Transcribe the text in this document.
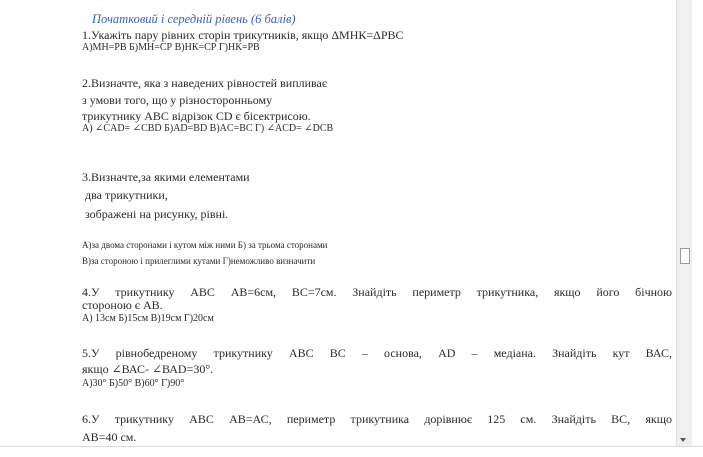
Початковий і середній рівень (6 балів)
1.Укажіть пару рівних сторін трикутників, якщо ΔМНК=ΔРВС
А)МН=РВ Б)МН=СР В)НК=СР Г)НК=РВ
2.Визначте, яка з наведених рівностей випливає
з умови того, що у різносторонньому
трикутнику АВС відрізок СD є бісектрисою.
А) ∠CAD= ∠CBD Б)AD=BD B)AC=BC Г) ∠ACD= ∠DCB
3.Визначте,за якими елементами
два трикутники,
зображені на рисунку, рівні.
А)за двома сторонами і кутом між ними Б) за трьома сторонами
В)за стороною і прилеглими кутами Г)неможливо визначити
4.У трикутнику АВС АВ=6см, ВС=7см. Знайдіть периметр трикутника, якщо його бічною
стороною є АВ.
А) 13см Б)15см В)19см Г)20см
5.У рівнобедреному трикутнику АВС ВС – основа, АD – медіана. Знайдіть кут ВАС,
якщо ∠ВАС- ∠ВАD=30°.
А)30° Б)50° В)60° Г)90°
6.У трикутнику АВС АВ=АС, периметр трикутника дорівнює 125 см. Знайдіть ВС, якщо
АВ=40 см.
